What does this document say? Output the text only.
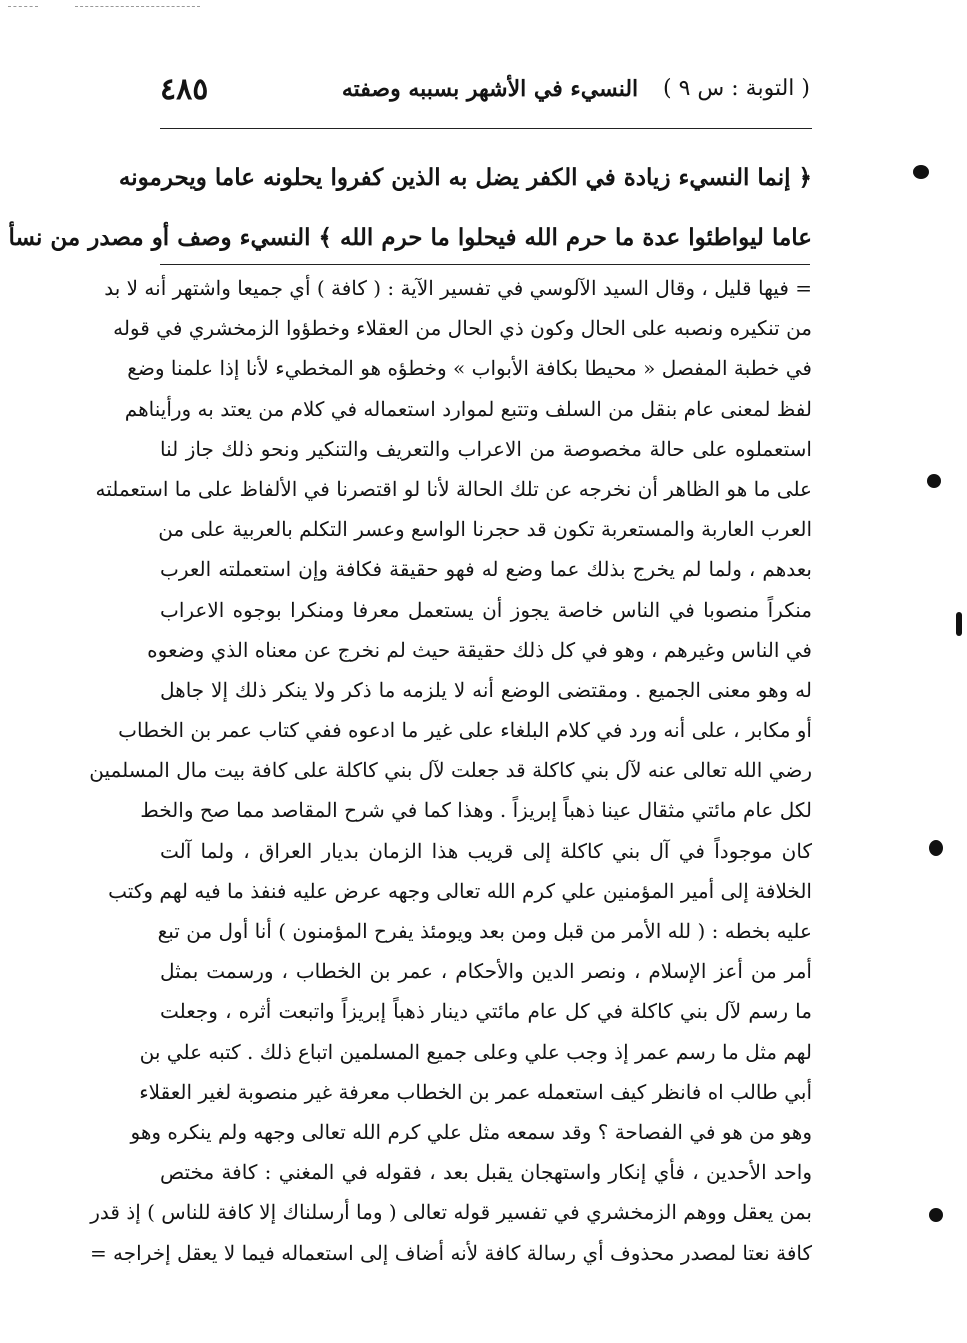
٤٨٥	النسيء في الأشهر بسببه وصفته ( التوبة : س ٩ )
﴿ إنما النسيء زيادة في الكفر يضل به الذين كفروا يحلونه عاما ويحرمونه
عاما ليواطئوا عدة ما حرم الله فيحلوا ما حرم الله ﴾ النسيء وصف أو مصدر من نسأ
= فيها قليل ، وقال السيد الآلوسي في تفسير الآية : ( كافة ) أي جميعا واشتهر أنه لا بد
من تنكيره ونصبه على الحال وكون ذي الحال من العقلاء وخطؤوا الزمخشري في قوله
في خطبة المفصل « محيطا بكافة الأبواب » وخطؤه هو المخطيء لأنا إذا علمنا وضع
لفظ لمعنى عام بنقل من السلف وتتبع لموارد استعماله في كلام من يعتد به ورأيناهم
استعملوه على حالة مخصوصة من الاعراب والتعريف والتنكير ونحو ذلك جاز لنا
على ما هو الظاهر أن نخرجه عن تلك الحالة لأنا لو اقتصرنا في الألفاظ على ما استعملته
العرب العاربة والمستعربة تكون قد حجرنا الواسع وعسر التكلم بالعربية على من
بعدهم ، ولما لم يخرج بذلك عما وضع له فهو حقيقة فكافة وإن استعملته العرب
منكراً منصوبا في الناس خاصة يجوز أن يستعمل معرفا ومنكرا بوجوه الاعراب
في الناس وغيرهم ، وهو في كل ذلك حقيقة حيث لم نخرج عن معناه الذي وضعوه
له وهو معنى الجميع . ومقتضى الوضع أنه لا يلزمه ما ذكر ولا ينكر ذلك إلا جاهل
أو مكابر ، على أنه ورد في كلام البلغاء على غير ما ادعوه ففي كتاب عمر بن الخطاب
رضي الله تعالى عنه لآل بني كاكلة قد جعلت لآل بني كاكلة على كافة بيت مال المسلمين
لكل عام مائتي مثقال عينا ذهباً إبريزاً . وهذا كما في شرح المقاصد مما صح والخط
كان موجوداً في آل بني كاكلة إلى قريب هذا الزمان بديار العراق ، ولما آلت
الخلافة إلى أمير المؤمنين علي كرم الله تعالى وجهه عرض عليه فنفذ ما فيه لهم وكتب
عليه بخطه : ( لله الأمر من قبل ومن بعد ويومئذ يفرح المؤمنون ) أنا أول من تبع
أمر من أعز الإسلام ، ونصر الدين والأحكام ، عمر بن الخطاب ، ورسمت بمثل
ما رسم لآل بني كاكلة في كل عام مائتي دينار ذهباً إبريزاً واتبعت أثره ، وجعلت
لهم مثل ما رسم عمر إذ وجب علي وعلى جميع المسلمين اتباع ذلك . كتبه علي بن
أبي طالب اه فانظر كيف استعمله عمر بن الخطاب معرفة غير منصوبة لغير العقلاء
وهو من هو في الفصاحة ؟ وقد سمعه مثل علي كرم الله تعالى وجهه ولم ينكره وهو
واحد الأحدين ، فأي إنكار واستهجان يقبل بعد ، فقوله في المغني : كافة مختص
بمن يعقل ووهم الزمخشري في تفسير قوله تعالى ( وما أرسلناك إلا كافة للناس ) إذ قدر
كافة نعتا لمصدر محذوف أي رسالة كافة لأنه أضاف إلى استعماله فيما لا يعقل إخراجه =
